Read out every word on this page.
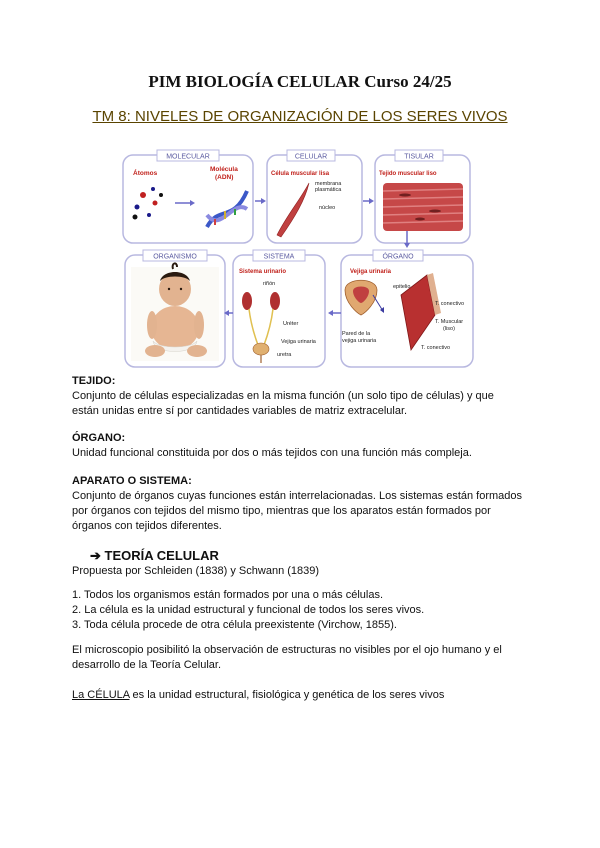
PIM BIOLOGÍA CELULAR Curso 24/25
TM 8: NIVELES DE ORGANIZACIÓN DE LOS SERES VIVOS
MOLECULAR	CELULAR	TISULAR
ORGANISMO	SISTEMA	ÓRGANO
Átomos
Molécula
(ADN)	Célula muscular lisa
membrana
plasmática
núcleo
Tejido muscular liso
Vejiga urinaria
epitelio
T. conectivo
T. Muscular
(liso)
T. conectivo
Pared de la
vejiga urinaria
Sistema urinario
riñón
Uréter
Vejiga urinaria
uretra
TEJIDO:
Conjunto de células especializadas en la misma función (un solo tipo de células) y que
están unidas entre sí por cantidades variables de matriz extracelular.
ÓRGANO:
Unidad funcional constituida por dos o más tejidos con una función más compleja.
APARATO O SISTEMA:
Conjunto de órganos cuyas funciones están interrelacionadas. Los sistemas están formados
por órganos con tejidos del mismo tipo, mientras que los aparatos están formados por
órganos con tejidos diferentes.
➔ TEORÍA CELULAR
Propuesta por Schleiden (1838) y Schwann (1839)
1. Todos los organismos están formados por una o más células.
2. La célula es la unidad estructural y funcional de todos los seres vivos.
3. Toda célula procede de otra célula preexistente (Virchow, 1855).
El microscopio posibilitó la observación de estructuras no visibles por el ojo humano y el
desarrollo de la Teoría Celular.
La CÉLULA es la unidad estructural, fisiológica y genética de los seres vivos
